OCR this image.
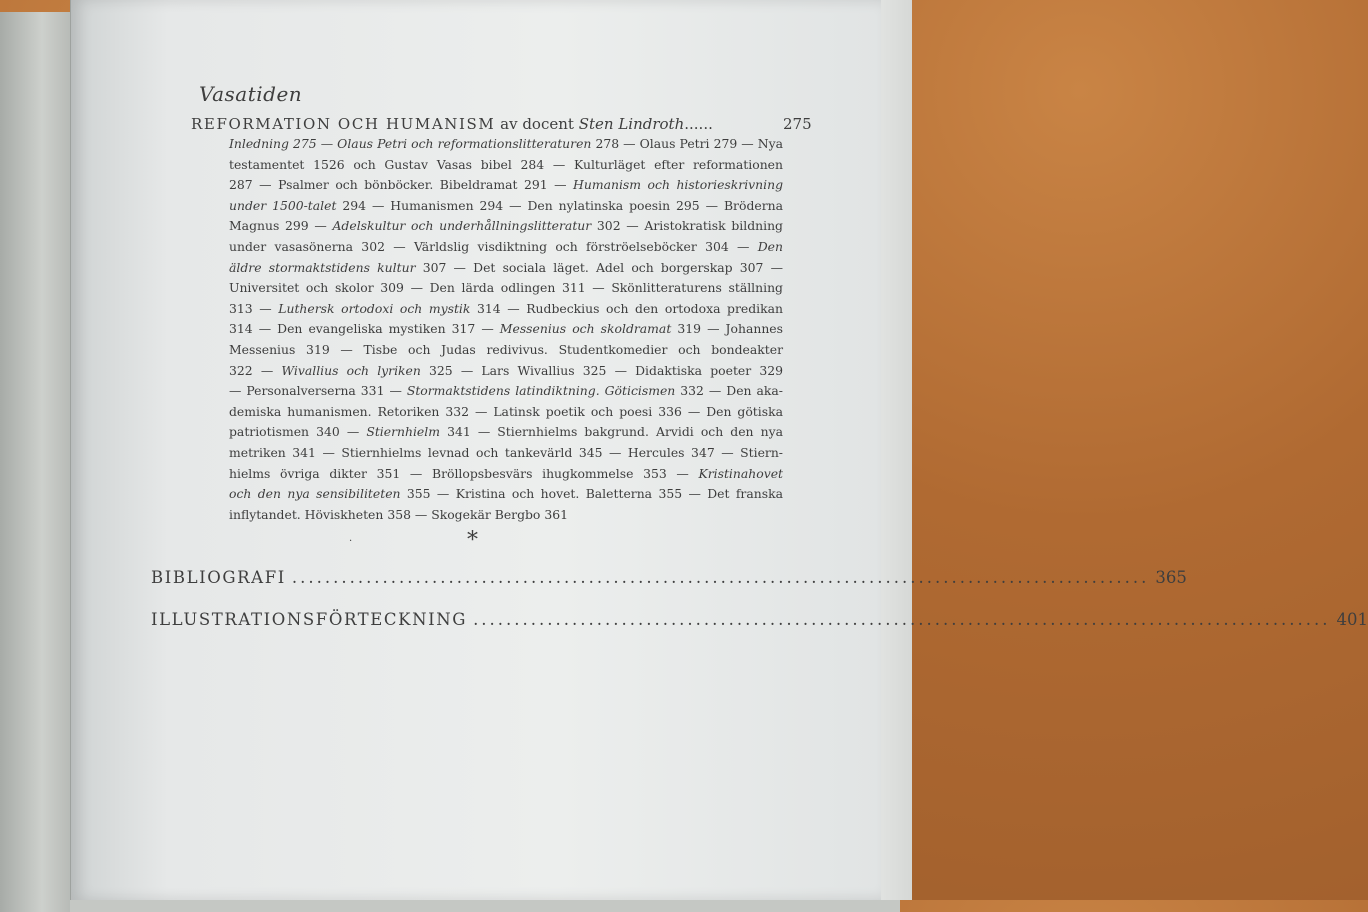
Vasatiden
REFORMATION OCH HUMANISM av docent Sten Lindroth......	275
Inledning 275 — Olaus Petri och reformationslitteraturen 278 — Olaus Petri 279 — Nya
testamentet 1526 och Gustav Vasas bibel 284 — Kulturläget efter reformationen
287 — Psalmer och bönböcker. Bibeldramat 291 — Humanism och historieskrivning
under 1500-talet 294 — Humanismen 294 — Den nylatinska poesin 295 — Bröderna
Magnus 299 — Adelskultur och underhållningslitteratur 302 — Aristokratisk bildning
under vasasönerna 302 — Världslig visdiktning och förströelseböcker 304 — Den
äldre stormaktstidens kultur 307 — Det sociala läget. Adel och borgerskap 307 —
Universitet och skolor 309 — Den lärda odlingen 311 — Skönlitteraturens ställning
313 — Luthersk ortodoxi och mystik 314 — Rudbeckius och den ortodoxa predikan
314 — Den evangeliska mystiken 317 — Messenius och skoldramat 319 — Johannes
Messenius 319 — Tisbe och Judas redivivus. Studentkomedier och bondeakter
322 — Wivallius och lyriken 325 — Lars Wivallius 325 — Didaktiska poeter 329
— Personalverserna 331 — Stormaktstidens latindiktning. Göticismen 332 — Den aka-
demiska humanismen. Retoriken 332 — Latinsk poetik och poesi 336 — Den götiska
patriotismen 340 — Stiernhielm 341 — Stiernhielms bakgrund. Arvidi och den nya
metriken 341 — Stiernhielms levnad och tankevärld 345 — Hercules 347 — Stiern-
hielms övriga dikter 351 — Bröllopsbesvärs ihugkommelse 353 — Kristinahovet
och den nya sensibiliteten 355 — Kristina och hovet. Baletterna 355 — Det franska
inflytandet. Höviskheten 358 — Skogekär Bergbo 361
.	*
BIBLIOGRAFI ........................................................................................................ 365
ILLUSTRATIONSFÖRTECKNING ........................................................................................................ 401
